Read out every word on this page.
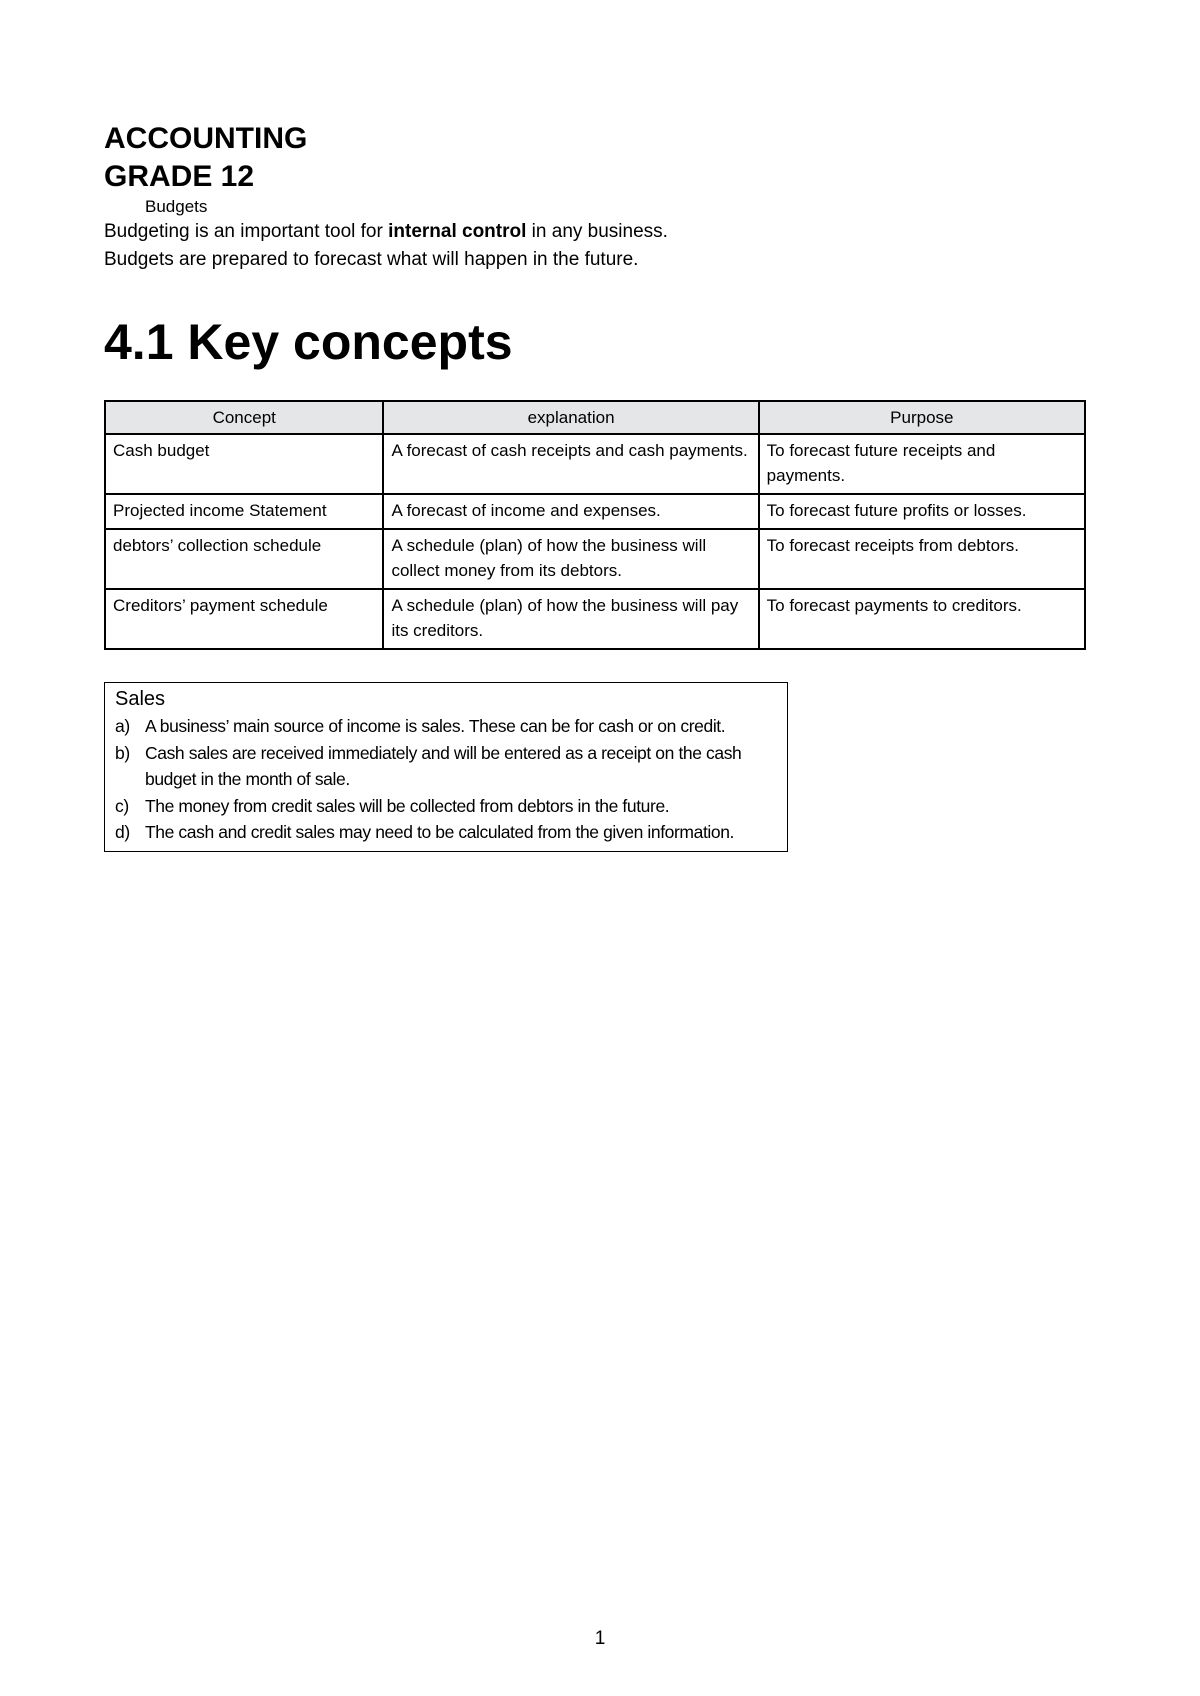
ACCOUNTING

GRADE 12

Budgets

Budgeting is an important tool for internal control in any business.

Budgets are prepared to forecast what will happen in the future.

4.1 Key concepts
Concept	explanation	Purpose
Cash budget	A forecast of cash receipts and cash payments.	To forecast future receipts and payments.
Projected income Statement	A forecast of income and expenses.	To forecast future profits or losses.
debtors’ collection schedule	A schedule (plan) of how the business will collect money from its debtors.	To forecast receipts from debtors.
Creditors’ payment schedule	A schedule (plan) of how the business will pay its creditors.	To forecast payments to creditors.

Sales

a) A business’ main source of income is sales. These can be for cash or on credit.
b) Cash sales are received immediately and will be entered as a receipt on the cash budget in the month of sale.
c) The money from credit sales will be collected from debtors in the future.
d) The cash and credit sales may need to be calculated from the given information.
1
